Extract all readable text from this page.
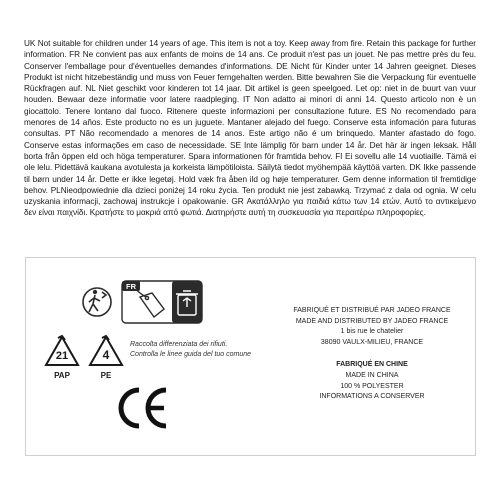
UK Not suitable for children under 14 years of age. This item is not a toy. Keep away from fire. Retain this package for further information. FR Ne convient pas aux enfants de moins de 14 ans. Ce produit n'est pas un jouet. Ne pas mettre près du feu. Conserver l'emballage pour d'éventuelles demandes d'informations. DE Nicht für Kinder unter 14 Jahren geeignet. Dieses Produkt ist nicht hitzebeständig und muss von Feuer ferngehalten werden. Bitte bewahren Sie die Verpackung für eventuelle Rückfragen auf. NL Niet geschikt voor kinderen tot 14 jaar. Dit artikel is geen speelgoed. Let op: niet in de buurt van vuur houden. Bewaar deze informatie voor latere raadpleging. IT Non adatto ai minori di anni 14. Questo articolo non è un giocattolo. Tenere lontano dal fuoco. Ritenere queste informazioni per consultazione future. ES No recomendado para menores de 14 años. Este producto no es un juguete. Mantaner alejado del fuego. Conserve esta infomación para futuras consultas. PT Não recomendado a menores de 14 anos. Este artigo não é um brinquedo. Manter afastado do fogo. Conserve estas informações em caso de necessidade. SE Inte lämplig för barn under 14 år. Det här är ingen leksak. Håll borta från öppen eld och höga temperaturer. Spara informationen för framtida behov. FI Ei sovellu alle 14 vuotiaille. Tämä ei ole lelu. Pidettävä kaukana avotulesta ja korkeista lämpötiloista. Säilytä tiedot myöhempää käyttöä varten. DK Ikke passende til børn under 14 år. Dette er ikke legetøj. Hold væk fra åben ild og høje temperaturer. Gem denne information til fremtidige behov. PLNieodpowiednie dla dzieci poniżej 14 roku życia. Ten produkt nie jest zabawką. Trzymać z dala od ognia. W celu uzyskania informacji, zachowaj instrukcje i opakowanie. GR Ακατάλληλο για παιδιά κάτω των 14 ετών. Αυτό το αντικείμενο δεν είναι παιχνίδι. Κρατήστε το μακριά από φωτιά. Διατηρήστε αυτή τη συσκευασία για περαιτέρω πληροφορίες.
FR
21
PAP
4
PE
Raccolta differenziata dei rifiuti.
Controlla le linee guida del tuo comune
FABRIQUÉ ET DISTRIBUÉ PAR JADEO FRANCE
MADE AND DISTRIBUTED BY JADEO FRANCE
1 bis rue le chatelier
38090 VAULX-MILIEU, FRANCE
FABRIQUÉ EN CHINE
MADE IN CHINA
100 % POLYESTER
INFORMATIONS A CONSERVER
